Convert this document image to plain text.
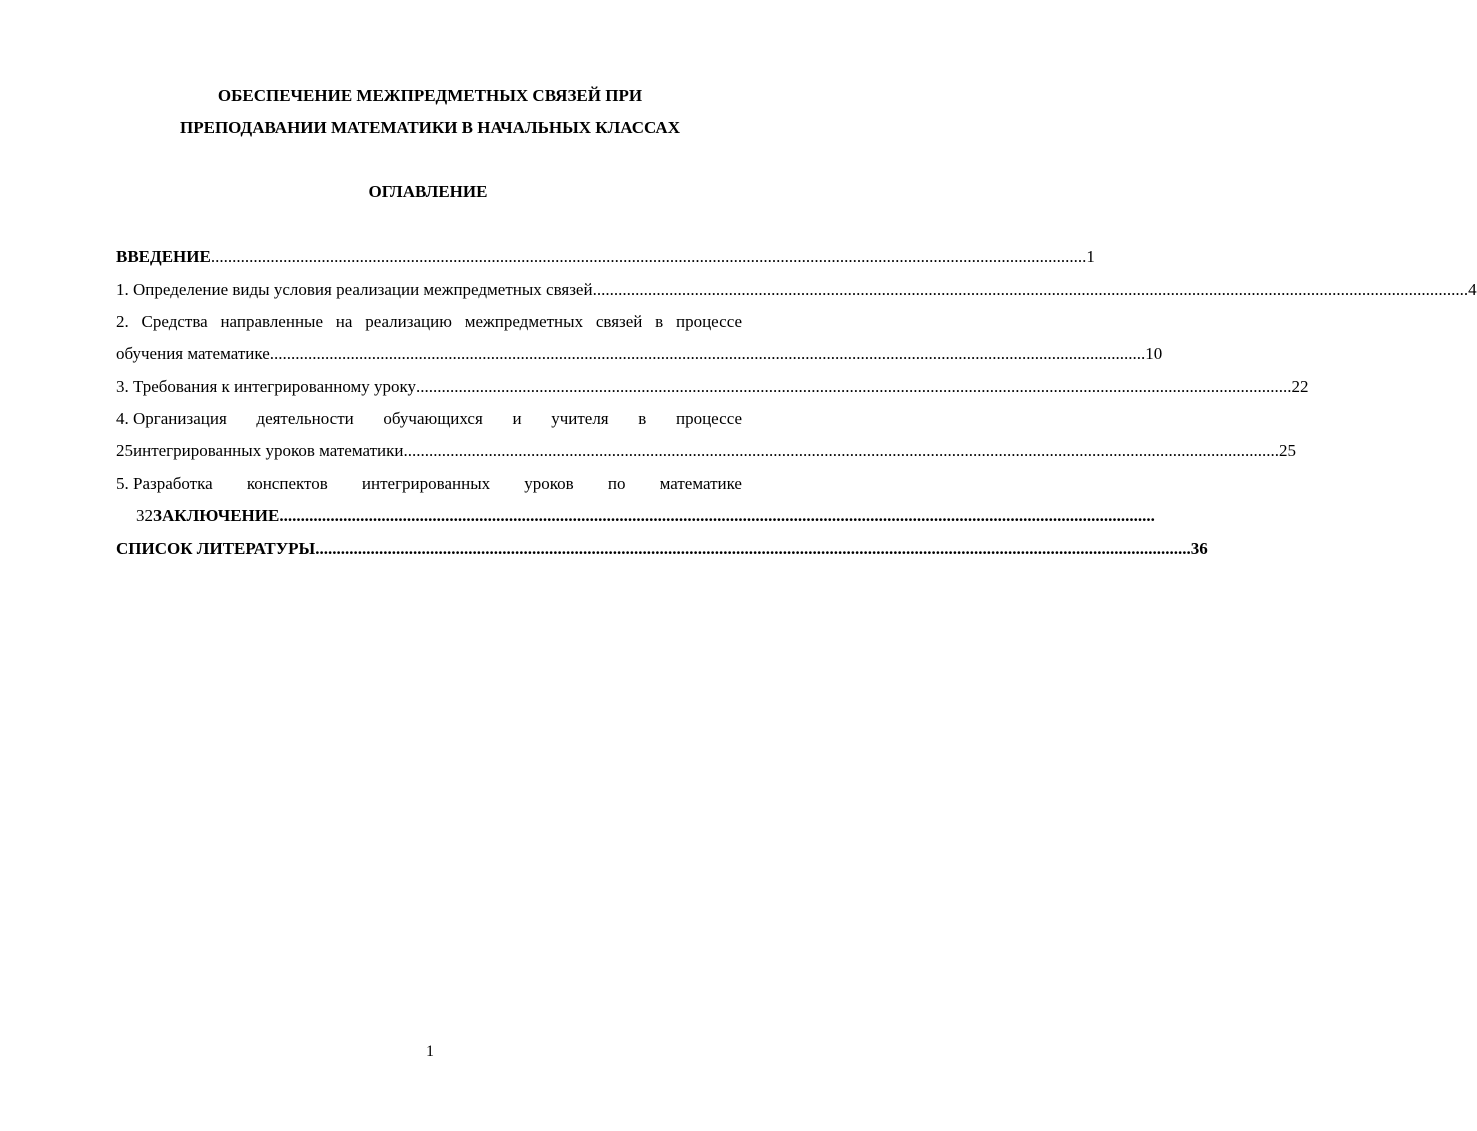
ОБЕСПЕЧЕНИЕ МЕЖПРЕДМЕТНЫХ СВЯЗЕЙ ПРИ
ПРЕПОДАВАНИИ МАТЕМАТИКИ В НАЧАЛЬНЫХ КЛАССАХ
ОГЛАВЛЕНИЕ
ВВЕДЕНИЕ .............................................................................................................................................................................................................. 1
1. Определение виды условия реализации межпредметных связей .............................................................................................................................................................................................................. 4
2. Средства направленные на реализацию межпредметных связей в процессе
обучения математике .............................................................................................................................................................................................................. 10
3. Требования к интегрированному уроку .............................................................................................................................................................................................................. 22
4. Организация деятельности обучающихся и учителя в процессе
25интегрированных уроков математики .............................................................................................................................................................................................................. 25
5. Разработка конспектов интегрированных уроков по математике
32 ЗАКЛЮЧЕНИЕ ..............................................................................................................................................................................................................
СПИСОК ЛИТЕРАТУРЫ .............................................................................................................................................................................................................. 36
1
